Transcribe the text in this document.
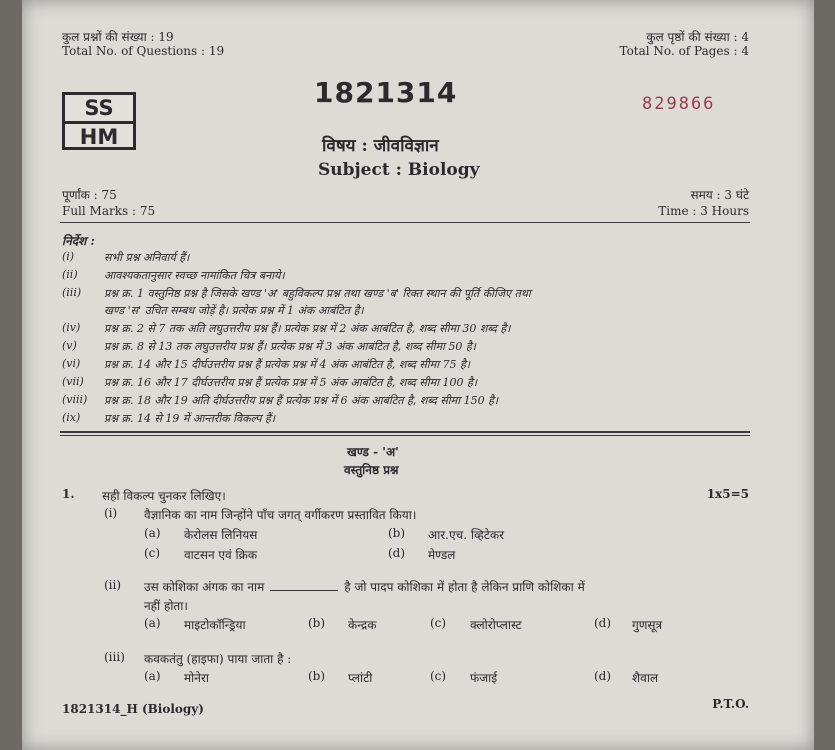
कुल प्रश्नों की संख्या : 19
Total No. of Questions : 19
कुल पृष्ठों की संख्या : 4
Total No. of Pages : 4
SS
HM
1821314	829866
विषय : जीवविज्ञान
Subject : Biology
पूर्णांक : 75
Full Marks : 75
समय : 3 घंटे
Time : 3 Hours
निर्देश :
(i)	सभी प्रश्न अनिवार्य हैं।
(ii) आवश्यकतानुसार स्वच्छ नामांकित चित्र बनाये।
(iii) प्रश्न क्र. 1 वस्तुनिष्ठ प्रश्न है जिसके खण्ड 'अ' बहुविकल्प प्रश्न तथा खण्ड 'ब' रिक्त स्थान की पूर्ति कीजिए तथा
खण्ड 'स' उचित सम्बध जोड़ें है। प्रत्येक प्रश्न में 1 अंक आबंटित है।
(iv) प्रश्न क्र. 2 से 7 तक अति लघुउत्तरीय प्रश्न हैं। प्रत्येक प्रश्न में 2 अंक आबंटित है, शब्द सीमा 30 शब्द है।
(v) प्रश्न क्र. 8 से 13 तक लघुउत्तरीय प्रश्न हैं। प्रत्येक प्रश्न में 3 अंक आबंटित है, शब्द सीमा 50 है।
(vi) प्रश्न क्र. 14 और 15 दीर्घउत्तरीय प्रश्न हैं प्रत्येक प्रश्न में 4 अंक आबंटित है, शब्द सीमा 75 है।
(vii) प्रश्न क्र. 16 और 17 दीर्घउत्तरीय प्रश्न हैं प्रत्येक प्रश्न में 5 अंक आबंटित है, शब्द सीमा 100 है।
(viii) प्रश्न क्र. 18 और 19 अति दीर्घउत्तरीय प्रश्न हैं प्रत्येक प्रश्न में 6 अंक आबंटित है, शब्द सीमा 150 है।
(ix) प्रश्न क्र. 14 से 19 में आन्तरीक विकल्प हैं।
खण्ड - 'अ'
वस्तुनिष्ठ प्रश्न
1. सही विकल्प चुनकर लिखिए।	1x5=5
(i) वैज्ञानिक का नाम जिन्होंने पाँच जगत् वर्गीकरण प्रस्तावित किया।
(a) केरोलस लिनियस	(b) आर.एच. व्हिटेकर
(c) वाटसन एवं क्रिक	(d) मेण्डल
(ii) उस कोशिका अंगक का नाम	है जो पादप कोशिका में होता है लेकिन प्राणि कोशिका में
नहीं होता।
(a) माइटोकॉन्ड्रिया	(b) केन्द्रक	(c) क्लोरोप्लास्ट	(d) गुणसूत्र
(iii) कवकतंतु (हाइफा) पाया जाता है :
(a) मोनेरा	(b) प्लांटी	(c) फंजाई	(d) शैवाल
1821314_H (Biology)	P.T.O.
